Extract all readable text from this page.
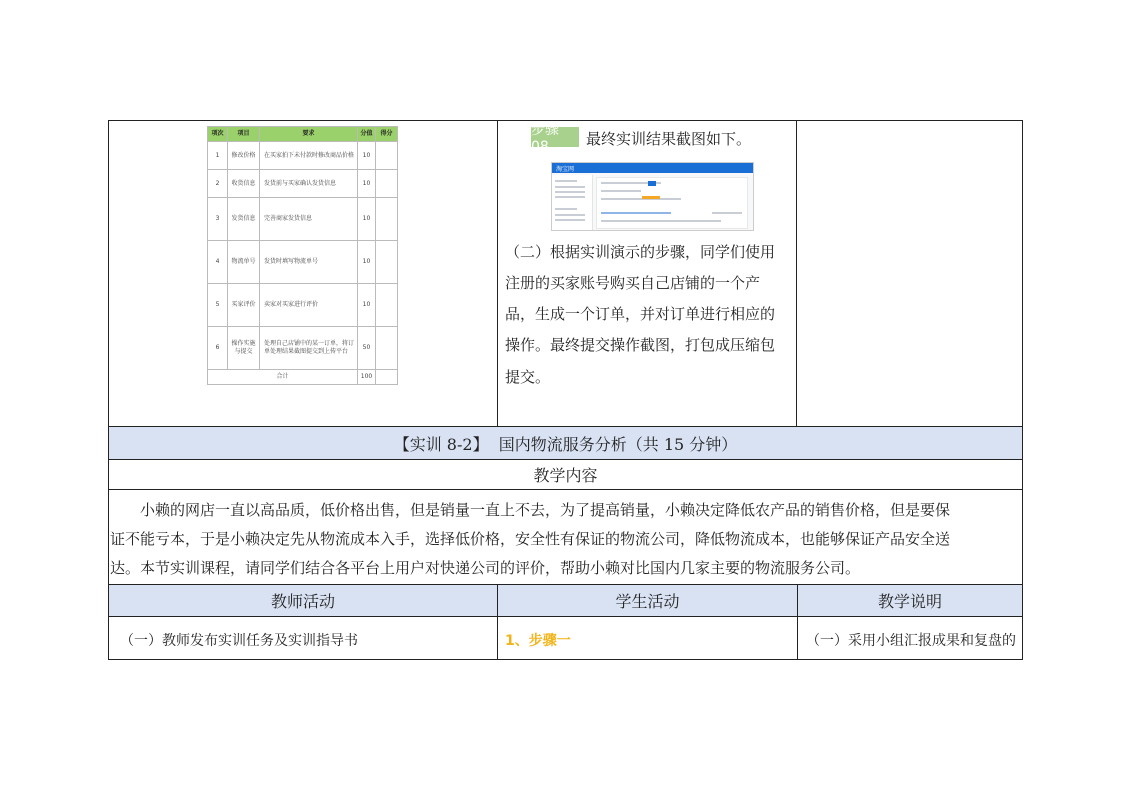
项次	项目	要求	分值	得分
1	修改价格	在买家拍下未付款时修改商品价格	10	
2	收货信息	发货前与买家确认发货信息	10	
3	发货信息	完善商家发货信息	10	
4	物流单号	发货时填写物流单号	10	
5	买家评价	卖家对买家进行评价	10	
6	操作实施与提交	处理自己店铺中的某一订单，将订单处理结果截图提交到上传平台	50	
合计			100	
步骤 08	最终实训结果截图如下。
淘宝网
（二）根据实训演示的步骤，同学们使用
注册的买家账号购买自己店铺的一个产
品，生成一个订单，并对订单进行相应的
操作。最终提交操作截图，打包成压缩包
提交。
【实训 8-2】  国内物流服务分析（共 15 分钟）
教学内容

　　小赖的网店一直以高品质，低价格出售，但是销量一直上不去，为了提高销量，小赖决定降低农产品的销售价格，但是要保

证不能亏本，于是小赖决定先从物流成本入手，选择低价格，安全性有保证的物流公司，降低物流成本，也能够保证产品安全送

达。本节实训课程，请同学们结合各平台上用户对快递公司的评价，帮助小赖对比国内几家主要的物流服务公司。

教师活动	学生活动	教学说明
（一）教师发布实训任务及实训指导书	1、步骤一	（一）采用小组汇报成果和复盘的
